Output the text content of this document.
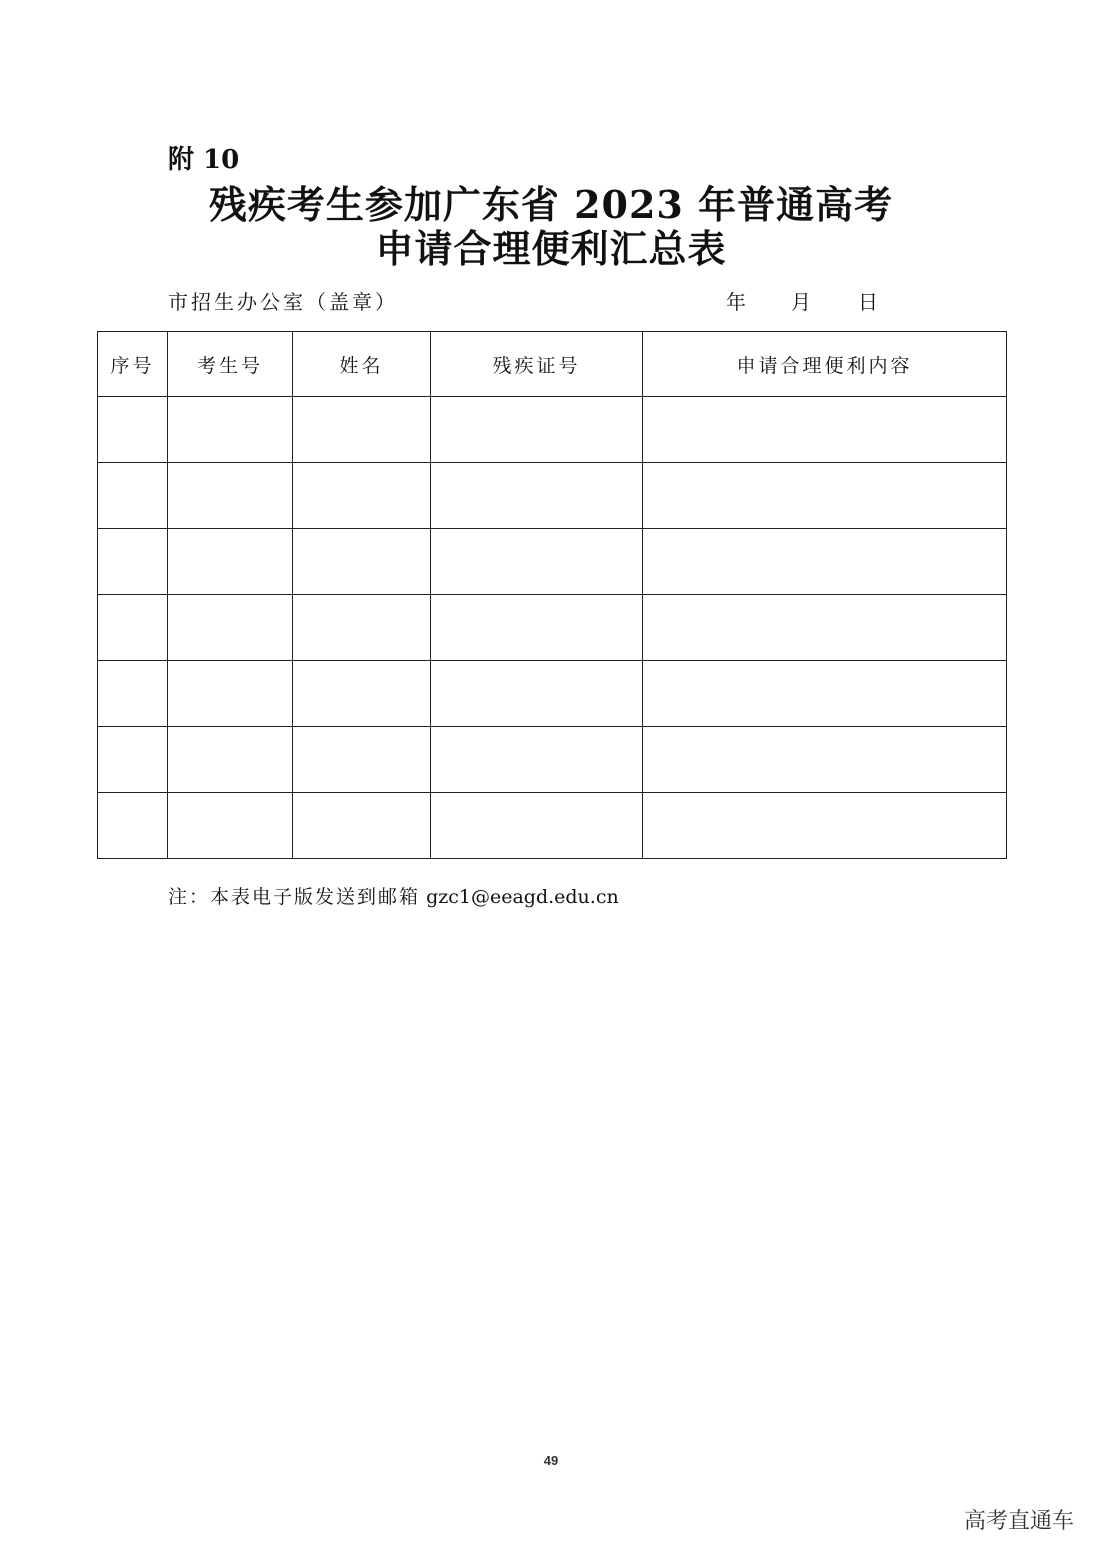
附 10
残疾考生参加广东省 2023 年普通高考
申请合理便利汇总表
市招生办公室（盖章）	年 月 日
序号	考生号	姓名	残疾证号	申请合理便利内容

注：本表电子版发送到邮箱 gzc1@eeagd.edu.cn
49
高考直通车
